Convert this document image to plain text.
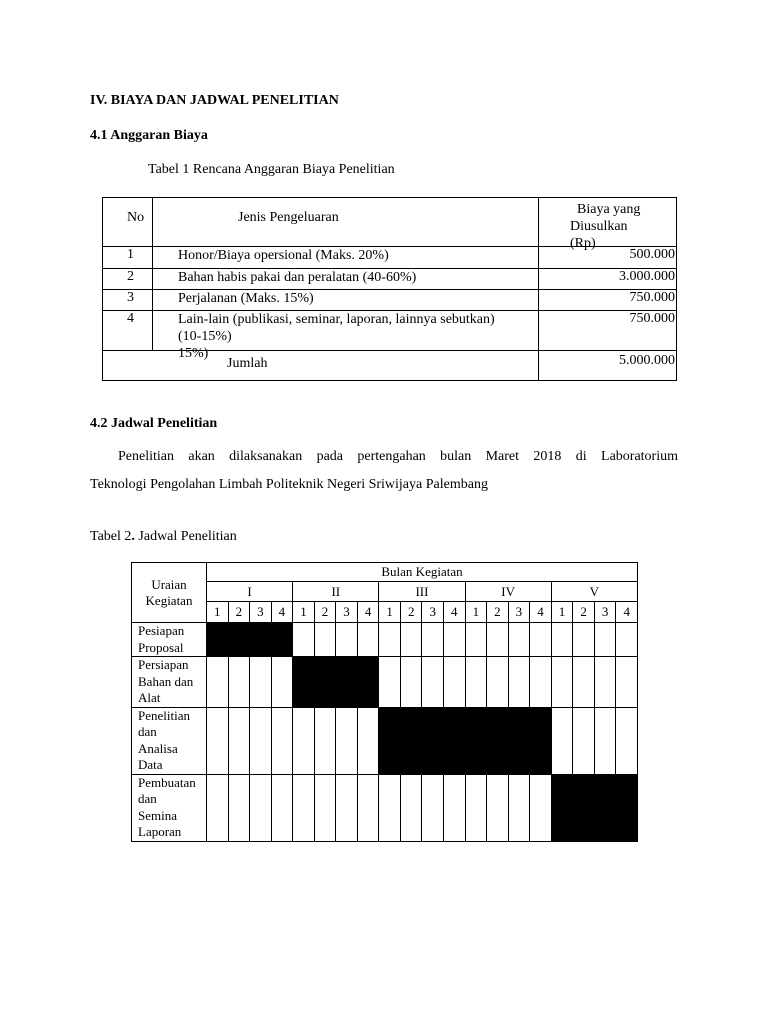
IV. BIAYA DAN JADWAL PENELITIAN
4.1 Anggaran Biaya
Tabel 1 Rencana Anggaran Biaya Penelitian
No	Jenis Pengeluaran	Biaya yang
Diusulkan
(Rp)

1	Honor/Biaya opersional (Maks. 20%)	500.000
2	Bahan habis pakai dan peralatan (40-60%)	3.000.000
3	Perjalanan (Maks. 15%)	750.000
4	Lain-lain (publikasi, seminar, laporan, lainnya sebutkan)
(10-15%)
15%)	750.000
Jumlah		5.000.000
4.2 Jadwal Penelitian
Penelitian akan dilaksanakan pada pertengahan bulan Maret 2018 di Laboratorium
Teknologi Pengolahan Limbah Politeknik Negeri Sriwijaya Palembang
Tabel 2. Jadwal Penelitian
Uraian
Kegiatan	Bulan Kegiatan																			
	I				II				III				IV				V			
	1	2	3	4	1	2	3	4	1	2	3	4	1	2	3	4	1	2	3	4

Pesiapan
Proposal																				

Persiapan
Bahan dan
Alat																				

Penelitian
dan
Analisa
Data																				

Pembuatan
dan
Semina
Laporan																				
